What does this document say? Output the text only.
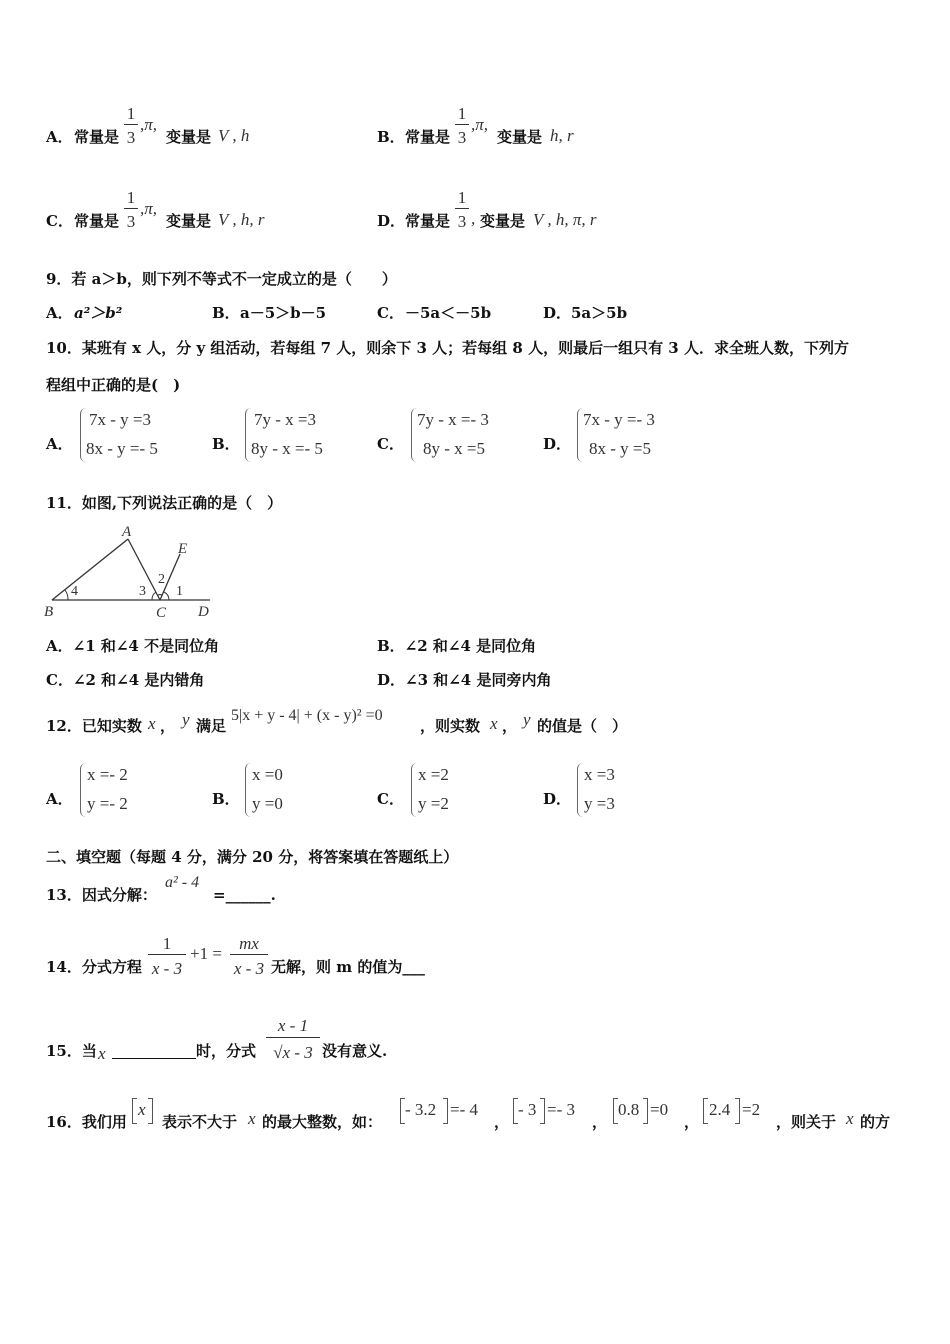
A． 常量是
1
3
,π,
变量是 V , h	B． 常量是
1
3
,π,
变量是 h, r
C． 常量是
1
3
,π,
变量是 V , h, r	D． 常量是
1
3 , 变量是 V , h, π, r
9．若 a＞b，则下列不等式不一定成立的是（　　）
A． a²＞b²	B． a－5＞b－5	C． －5a＜－5b	D． 5a＞5b
10．某班有 x 人，分 y 组活动，若每组 7 人，则余下 3 人；若每组 8 人，则最后一组只有 3 人．求全班人数，下列方
程组中正确的是(　)
A．
7x - y =3
8x - y =- 5	B．
7y - x =3
8y - x =- 5	C．
7y - x =- 3
8y - x =5	D．
7x - y =- 3
8x - y =5
11．如图,下列说法正确的是（　）
A
B	C D
E
1
2
3
4
A．∠1 和∠4 不是同位角	B．∠2 和∠4 是同位角
C．∠2 和∠4 是内错角	D．∠3 和∠4 是同旁内角
12．已知实数 x ， y 满足
5|x + y - 4| + (x - y)² =0
，则实数 x ， y 的值是（　）
A．
x =- 2
y =- 2	B．
x =0
y =0	C．
x =2
y =2	D．
x =3
y =3
二、填空题（每题 4 分，满分 20 分，将答案填在答题纸上）
13．因式分解：
a² - 4
=______.
14．分式方程
1
x - 3
+1 =
mx
x - 3 无解，则 m 的值为___
15．当 x	时，分式
x - 1
√x - 3 没有意义.
16．我们用
x
表示不大于 x 的最大整数，如：
- 3.2 =- 4
，
- 3 =- 3
，
0.8 =0
，
2.4 =2
，则关于 x 的方
